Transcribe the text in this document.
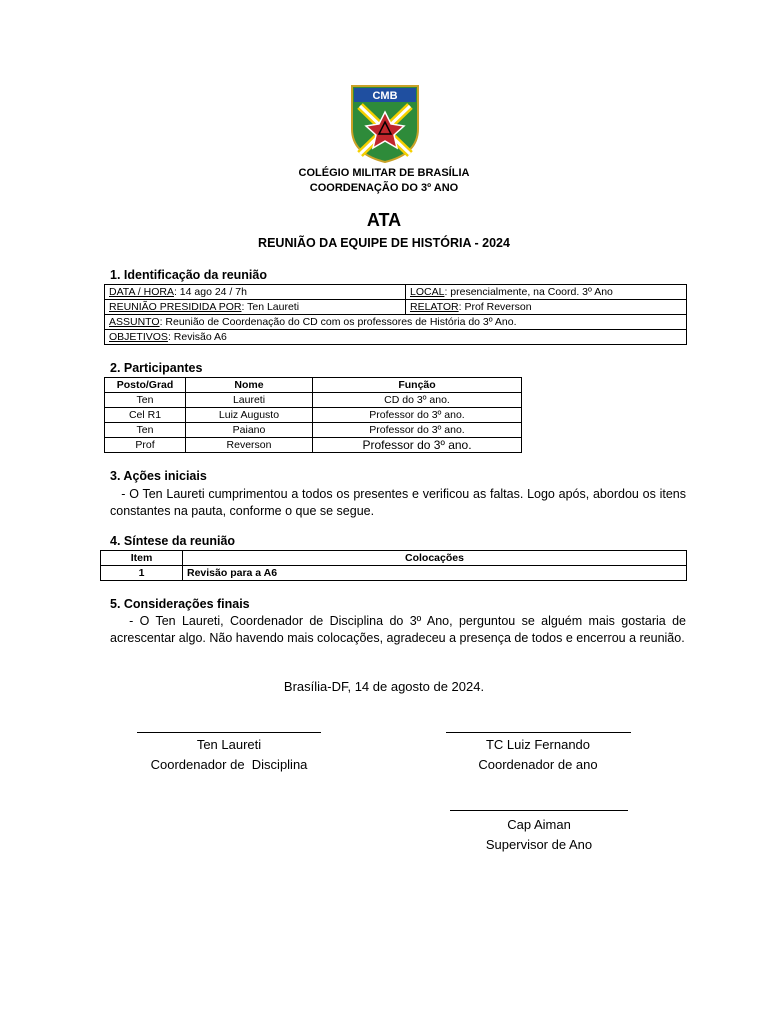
CMB
COLÉGIO MILITAR DE BRASÍLIA
COORDENAÇÃO DO 3º ANO
ATA
REUNIÃO DA EQUIPE DE HISTÓRIA - 2024
1. Identificação da reunião
DATA / HORA: 14 ago 24 / 7h	LOCAL: presencialmente, na Coord. 3º Ano
REUNIÃO PRESIDIDA POR: Ten Laureti	RELATOR: Prof Reverson
ASSUNTO: Reunião de Coordenação do CD com os professores de História do 3º Ano.	
OBJETIVOS: Revisão A6	
2. Participantes
Posto/Grad	Nome	Função
Ten	Laureti	CD do 3º ano.
Cel R1	Luiz Augusto	Professor do 3º ano.
Ten	Paiano	Professor do 3º ano.
Prof	Reverson	Professor do 3º ano.
3. Ações iniciais
- O Ten Laureti cumprimentou a todos os presentes e verificou as faltas. Logo após, abordou os itens constantes na pauta, conforme o que se segue.
4. Síntese da reunião
Item	Colocações
1	Revisão para a A6
5. Considerações finais
- O Ten Laureti, Coordenador de Disciplina do 3º Ano, perguntou se alguém mais gostaria de acrescentar algo. Não havendo mais colocações, agradeceu a presença de todos e encerrou a reunião.
Brasília-DF, 14 de agosto de 2024.
Ten Laureti
Coordenador de  Disciplina
TC Luiz Fernando
Coordenador de ano
Cap Aiman
Supervisor de Ano
